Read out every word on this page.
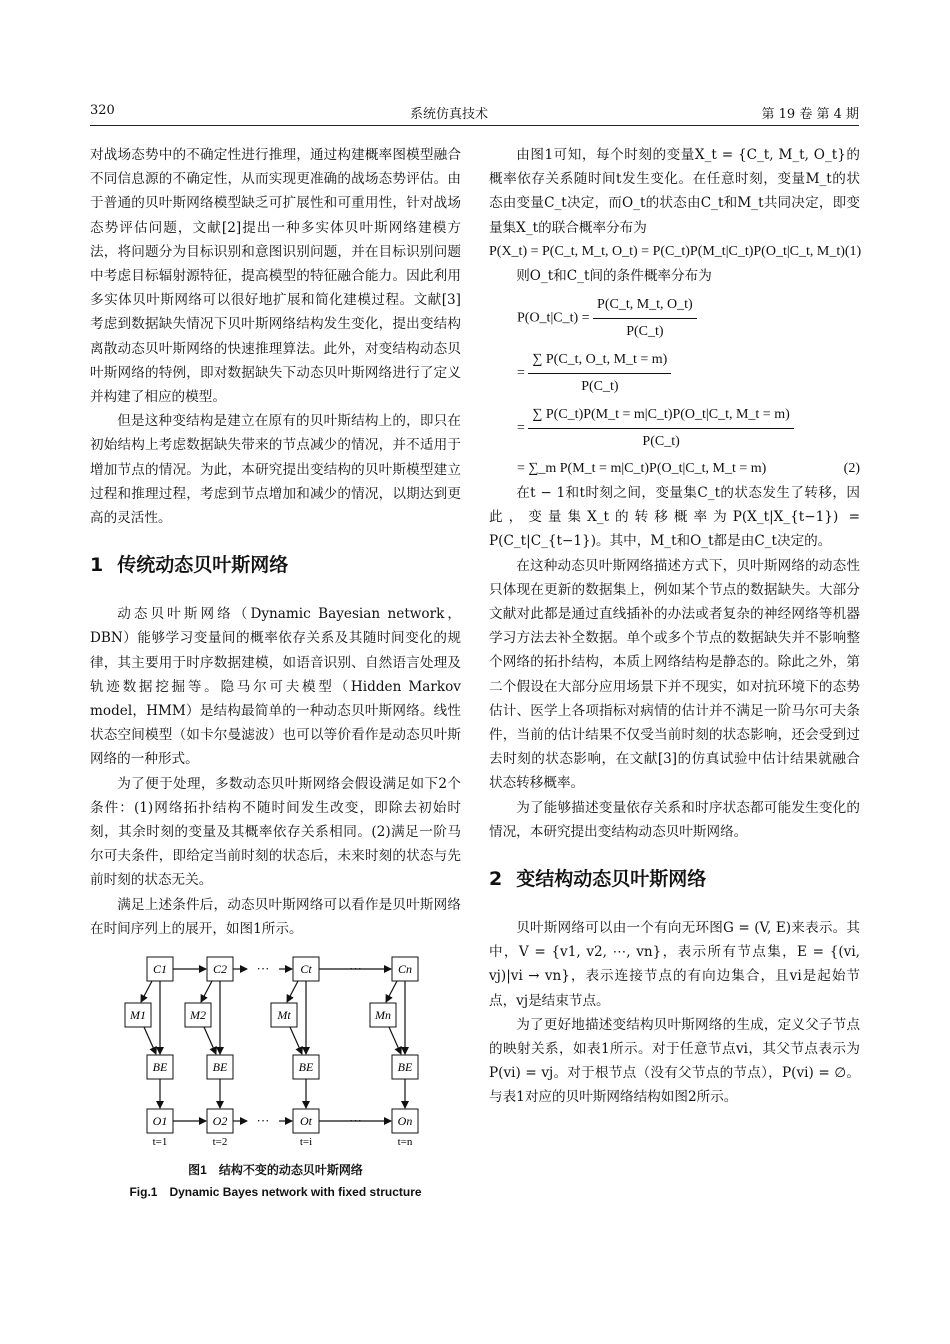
320	系统仿真技术	第 19 卷 第 4 期

对战场态势中的不确定性进行推理，通过构建概率图模型融合不同信息源的不确定性，从而实现更准确的战场态势评估。由于普通的贝叶斯网络模型缺乏可扩展性和可重用性，针对战场态势评估问题，文献[2]提出一种多实体贝叶斯网络建模方法，将问题分为目标识别和意图识别问题，并在目标识别问题中考虑目标辐射源特征，提高模型的特征融合能力。因此利用多实体贝叶斯网络可以很好地扩展和简化建模过程。文献[3]考虑到数据缺失情况下贝叶斯网络结构发生变化，提出变结构离散动态贝叶斯网络的快速推理算法。此外，对变结构动态贝叶斯网络的特例，即对数据缺失下动态贝叶斯网络进行了定义并构建了相应的模型。

但是这种变结构是建立在原有的贝叶斯结构上的，即只在初始结构上考虑数据缺失带来的节点减少的情况，并不适用于增加节点的情况。为此，本研究提出变结构的贝叶斯模型建立过程和推理过程，考虑到节点增加和减少的情况，以期达到更高的灵活性。

1 传统动态贝叶斯网络

动态贝叶斯网络（Dynamic Bayesian network，DBN）能够学习变量间的概率依存关系及其随时间变化的规律，其主要用于时序数据建模，如语音识别、自然语言处理及轨迹数据挖掘等。隐马尔可夫模型（Hidden Markov model，HMM）是结构最简单的一种动态贝叶斯网络。线性状态空间模型（如卡尔曼滤波）也可以等价看作是动态贝叶斯网络的一种形式。

为了便于处理，多数动态贝叶斯网络会假设满足如下2个条件：(1)网络拓扑结构不随时间发生改变，即除去初始时刻，其余时刻的变量及其概率依存关系相同。(2)满足一阶马尔可夫条件，即给定当前时刻的状态后，未来时刻的状态与先前时刻的状态无关。

满足上述条件后，动态贝叶斯网络可以看作是贝叶斯网络在时间序列上的展开，如图1所示。

C1
M1
BE
O1
t=1
C2
M2
BE
O2
t=2
Ct
Mt
BE
Ot
t=i
Cn
Mn
BE
On
t=n
···
···
···
···
图1　结构不变的动态贝叶斯网络
Fig.1　Dynamic Bayes network with fixed structure

由图1可知，每个时刻的变量X_t = {C_t, M_t, O_t}的概率依存关系随时间t发生变化。在任意时刻，变量M_t的状态由变量C_t决定，而O_t的状态由C_t和M_t共同决定，即变量集X_t的联合概率分布为

P(X_t) = P(C_t, M_t, O_t) = P(C_t)P(M_t|C_t)P(O_t|C_t, M_t) (1)

则O_t和C_t间的条件概率分布为

P(O_t|C_t) = $\frac{P(C\_t, M\_t, O\_t)}{P(C\_t)}$
= $\frac{\sum P(C\_t, O\_t, M\_t = m)}{P(C\_t)}$
= $\frac{\sum P(C\_t)P(M\_t = m|C\_t)P(O\_t|C\_t, M\_t = m)}{P(C\_t)}$
= ∑_m P(M_t = m|C_t)P(O_t|C_t, M_t = m)	(2)

在t − 1和t时刻之间，变量集C_t的状态发生了转移，因此，变量集X_t的转移概率为P(X_t|X_{t−1}) = P(C_t|C_{t−1})。其中，M_t和O_t都是由C_t决定的。

在这种动态贝叶斯网络描述方式下，贝叶斯网络的动态性只体现在更新的数据集上，例如某个节点的数据缺失。大部分文献对此都是通过直线插补的办法或者复杂的神经网络等机器学习方法去补全数据。单个或多个节点的数据缺失并不影响整个网络的拓扑结构，本质上网络结构是静态的。除此之外，第二个假设在大部分应用场景下并不现实，如对抗环境下的态势估计、医学上各项指标对病情的估计并不满足一阶马尔可夫条件，当前的估计结果不仅受当前时刻的状态影响，还会受到过去时刻的状态影响，在文献[3]的仿真试验中估计结果就融合状态转移概率。

为了能够描述变量依存关系和时序状态都可能发生变化的情况，本研究提出变结构动态贝叶斯网络。

2 变结构动态贝叶斯网络

贝叶斯网络可以由一个有向无环图G = (V, E)来表示。其中，V = {v1, v2, ⋯, vn}，表示所有节点集，E = {(vi, vj)|vi → vn}，表示连接节点的有向边集合，且vi是起始节点，vj是结束节点。

为了更好地描述变结构贝叶斯网络的生成，定义父子节点的映射关系，如表1所示。对于任意节点vi，其父节点表示为P(vi) = vj。对于根节点（没有父节点的节点），P(vi) = ∅。与表1对应的贝叶斯网络结构如图2所示。
